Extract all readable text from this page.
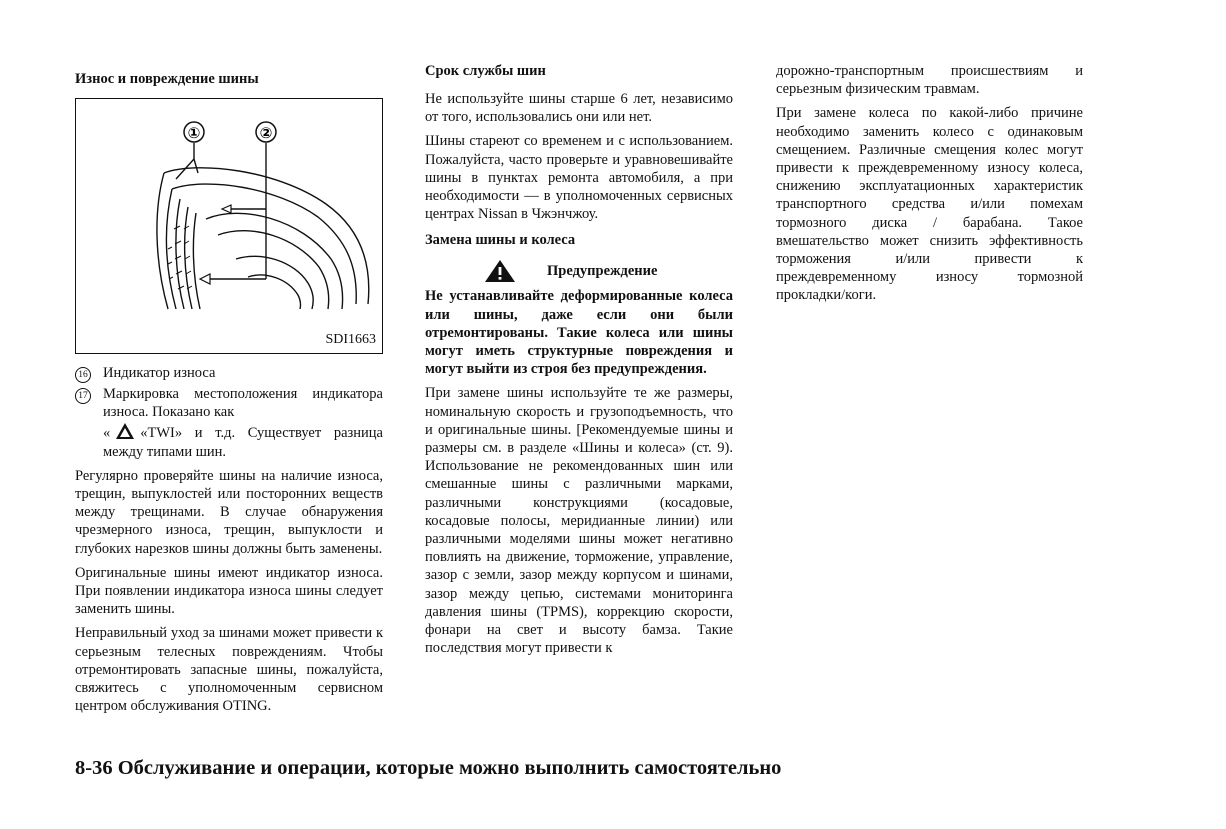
Износ и повреждение шины
①	②
SDI1663
16	Индикатор износа
17	Маркировка местоположения индикатора износа. Показано как

« «TWI» и т.д. Существует разница между типами шин.

Регулярно проверяйте шины на наличие износа, трещин, выпуклостей или посторонних веществ между трещинами. В случае обнаружения чрезмерного износа, трещин, выпуклости и глубоких нарезков шины должны быть заменены.

Оригинальные шины имеют индикатор износа. При появлении индикатора износа шины следует заменить шины.

Неправильный уход за шинами может привести к серьезным телесных повреждениям. Чтобы отремонтировать запасные шины, пожалуйста, свяжитесь с уполномоченным сервисном центром обслуживания OTING.

Срок службы шин

Не используйте шины старше 6 лет, независимо от того, использовались они или нет.

Шины стареют со временем и с использованием. Пожалуйста, часто проверьте и уравновешивайте шины в пунктах ремонта автомобиля, а при необходимости — в уполномоченных сервисных центрах Nissan в Чжэнчжоу.

Замена шины и колеса
Предупреждение

Не устанавливайте деформированные колеса или шины, даже если они были отремонтированы. Такие колеса или шины могут иметь структурные повреждения и могут выйти из строя без предупреждения.

При замене шины используйте те же размеры, номинальную скорость и грузоподъемность, что и оригинальные шины. [Рекомендуемые шины и размеры см. в разделе «Шины и колеса» (ст. 9). Использование не рекомендованных шин или смешанные шины с различными марками, различными конструкциями (косадовые, косадовые полосы, меридианные линии) или различными моделями шины может негативно повлиять на движение, торможение, управление, зазор с земли, зазор между корпусом и шинами, зазор между цепью, системами мониторинга давления шины (TPMS), коррекцию скорости, фонари на свет и высоту бамза. Такие последствия могут привести к

дорожно-транспортным происшествиям и серьезным физическим травмам.

При замене колеса по какой-либо причине необходимо заменить колесо с одинаковым смещением. Различные смещения колес могут привести к преждевременному износу колеса, снижению эксплуатационных характеристик транспортного средства и/или помехам тормозного диска / барабана. Такое вмешательство может снизить эффективность торможения и/или привести к преждевременному износу тормозной прокладки/коги.

8-36 Обслуживание и операции, которые можно выполнить самостоятельно
